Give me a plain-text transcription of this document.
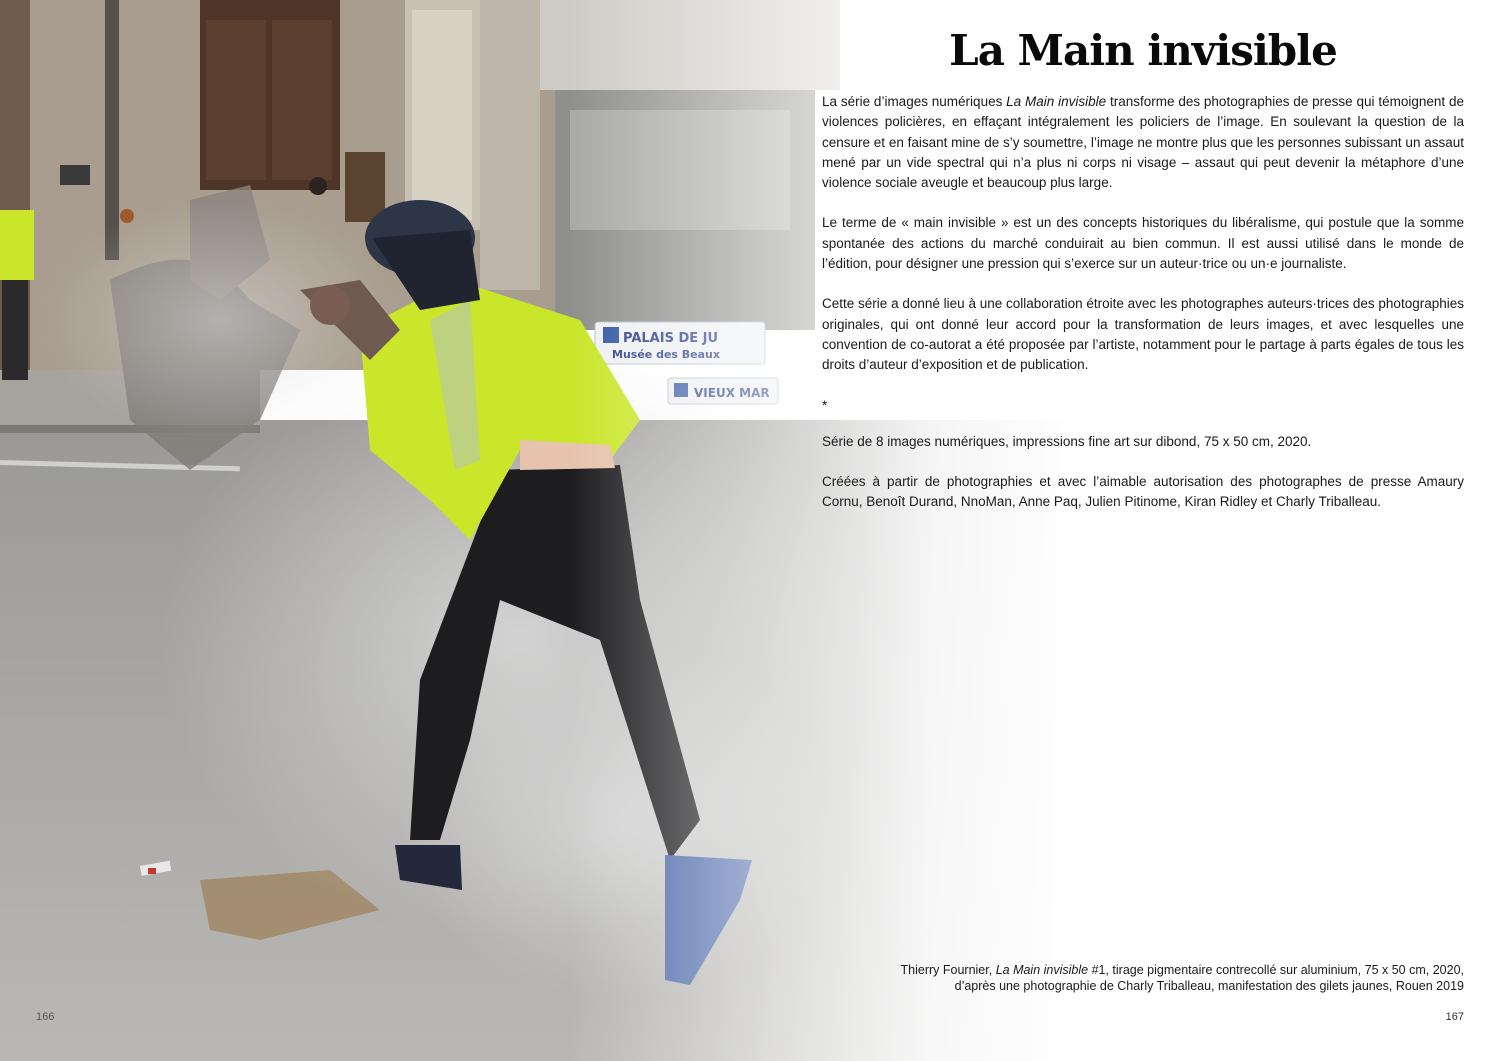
La Main invisible

La série d’images numériques La Main invisible transforme des photographies de presse qui témoignent de violences policières, en effaçant intégralement les policiers de l’image. En soulevant la question de la censure et en faisant mine de s’y soumettre, l’image ne montre plus que les personnes subissant un assaut mené par un vide spectral qui n’a plus ni corps ni visage – assaut qui peut devenir la métaphore d’une violence sociale aveugle et beaucoup plus large.

Le terme de « main invisible » est un des concepts historiques du libéralisme, qui postule que la somme spontanée des actions du marché conduirait au bien commun. Il est aussi utilisé dans le monde de l’édition, pour désigner une pression qui s’exerce sur un auteur·trice ou un·e journaliste.

Cette série a donné lieu à une collaboration étroite avec les photographes auteurs·trices des photographies originales, qui ont donné leur accord pour la transformation de leurs images, et avec lesquelles une convention de co-autorat a été proposée par l’artiste, notamment pour le partage à parts égales de tous les droits d’auteur d’exposition et de publication.

*

Série de 8 images numériques, impressions fine art sur dibond, 75 x 50 cm, 2020.

Créées à partir de photographies et avec l’aimable autorisation des photographes de presse Amaury Cornu, Benoît Durand, NnoMan, Anne Paq, Julien Pitinome, Kiran Ridley et Charly Triballeau.

Thierry Fournier, La Main invisible #1, tirage pigmentaire contrecollé sur aluminium, 75 x 50 cm, 2020,
d’après une photographie de Charly Triballeau, manifestation des gilets jaunes, Rouen 2019
166	167
